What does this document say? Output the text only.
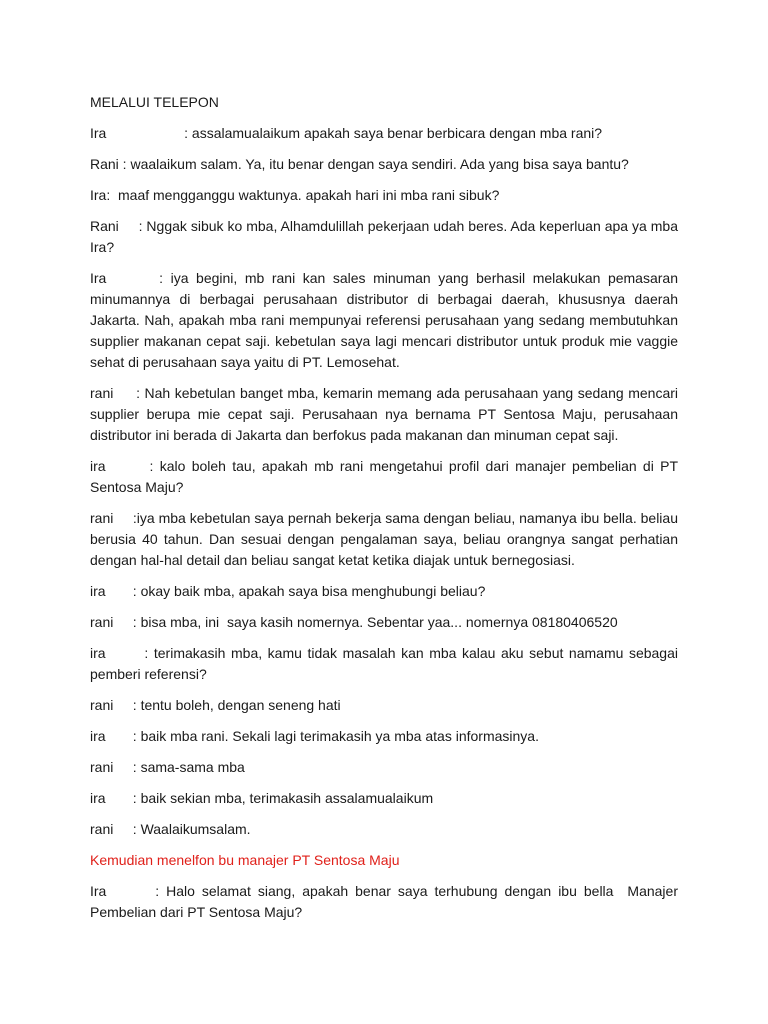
MELALUI TELEPON

Ira                    : assalamualaikum apakah saya benar berbicara dengan mba rani?

Rani : waalaikum salam. Ya, itu benar dengan saya sendiri. Ada yang bisa saya bantu?

Ira:  maaf mengganggu waktunya. apakah hari ini mba rani sibuk?

Rani     : Nggak sibuk ko mba, Alhamdulillah pekerjaan udah beres. Ada keperluan apa ya mba Ira?

Ira       : iya begini, mb rani kan sales minuman yang berhasil melakukan pemasaran minumannya di berbagai perusahaan distributor di berbagai daerah, khususnya daerah Jakarta. Nah, apakah mba rani mempunyai referensi perusahaan yang sedang membutuhkan supplier makanan cepat saji. kebetulan saya lagi mencari distributor untuk produk mie vaggie sehat di perusahaan saya yaitu di PT. Lemosehat.

rani     : Nah kebetulan banget mba, kemarin memang ada perusahaan yang sedang mencari supplier berupa mie cepat saji. Perusahaan nya bernama PT Sentosa Maju, perusahaan distributor ini berada di Jakarta dan berfokus pada makanan dan minuman cepat saji.

ira       : kalo boleh tau, apakah mb rani mengetahui profil dari manajer pembelian di PT Sentosa Maju?

rani     :iya mba kebetulan saya pernah bekerja sama dengan beliau, namanya ibu bella. beliau berusia 40 tahun. Dan sesuai dengan pengalaman saya, beliau orangnya sangat perhatian dengan hal-hal detail dan beliau sangat ketat ketika diajak untuk bernegosiasi.

ira       : okay baik mba, apakah saya bisa menghubungi beliau?

rani     : bisa mba, ini  saya kasih nomernya. Sebentar yaa... nomernya 08180406520

ira       : terimakasih mba, kamu tidak masalah kan mba kalau aku sebut namamu sebagai pemberi referensi?

rani     : tentu boleh, dengan seneng hati

ira       : baik mba rani. Sekali lagi terimakasih ya mba atas informasinya.

rani     : sama-sama mba

ira       : baik sekian mba, terimakasih assalamualaikum

rani     : Waalaikumsalam.

Kemudian menelfon bu manajer PT Sentosa Maju

Ira       : Halo selamat siang, apakah benar saya terhubung dengan ibu bella  Manajer Pembelian dari PT Sentosa Maju?
